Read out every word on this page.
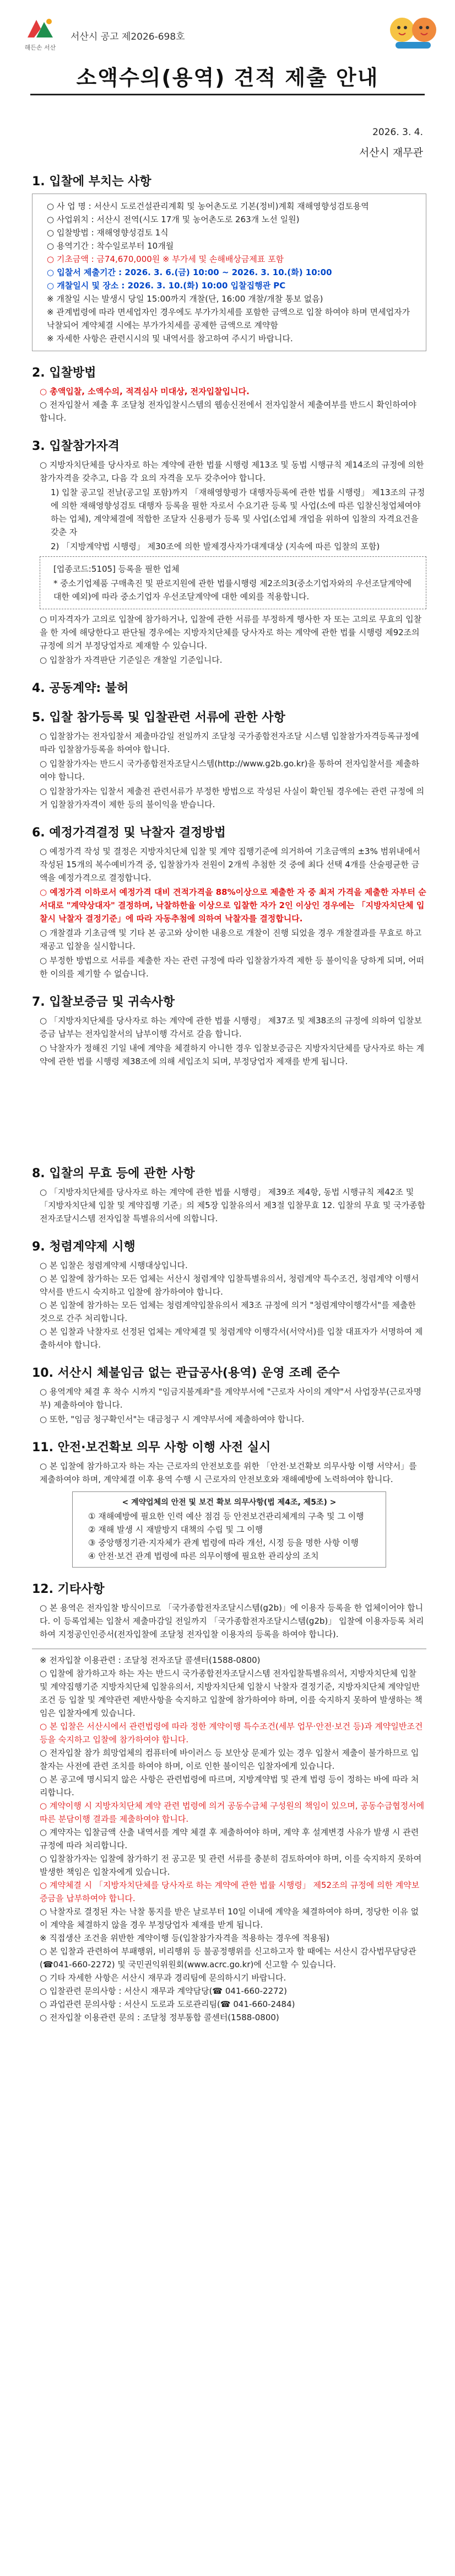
해든손 서산
서산시 공고 제2026-698호
소액수의(용역) 견적 제출 안내
2026. 3. 4.
서산시 재무관
1. 입찰에 부치는 사항
○ 사 업 명 : 서산시 도로건설관리계획 및 농어촌도로 기본(정비)계획 재해영향성검토용역
○ 사업위치 : 서산시 전역(시도 17개 및 농어촌도로 263개 노선 일원)
○ 입찰방법 : 재해영향성검토 1식
○ 용역기간 : 착수일로부터 10개월
○ 기초금액 : 금74,670,000원 ※ 부가세 및 손해배상금제표 포함
○ 입찰서 제출기간 : 2026. 3. 6.(금) 10:00 ~ 2026. 3. 10.(화) 10:00
○ 개찰일시 및 장소 : 2026. 3. 10.(화) 10:00 입찰집행관 PC
※ 개찰일 시는 발생시 당일 15:00까지 개찰(단, 16:00 개찰/개찰 통보 없음)
※ 관계법령에 따라 면세업자인 경우에도 부가가치세를 포함한 금액으로 입찰 하여야 하며 면세업자가 낙찰되어 계약체결 시에는 부가가치세를 공제한 금액으로 계약함
※ 자세한 사항은 관련시시의 및 내역서를 참고하여 주시기 바랍니다.
2. 입찰방법
○ 총액입찰, 소액수의, 적격심사 미대상, 전자입찰입니다.
○ 전자입찰서 제출 후 조달청 전자입찰시스템의 웹송신전에서 전자입찰서 제출여부를 반드시 확인하여야 합니다.
3. 입찰참가자격
○ 지방자치단체를 당사자로 하는 계약에 관한 법률 시행령 제13조 및 동법 시행규칙 제14조의 규정에 의한 참가자격을 갖추고, 다음 각 요의 자격을 모두 갖추어야 합니다.
1) 입찰 공고일 전날(공고일 포함)까지 「재해영향평가 대행자등록에 관한 법률 시행령」 제13조의 규정에 의한 재해영향성검토 대행자 등록을 필한 자로서 수요기관 등록 및 사업(소에 따른 입찰신청업체여야 하는 업체), 계약체결에 적합한 조달자 신용평가 등록 및 사업(소업체 개업을 위하여 입찰의 자격요건을 갖춘 자
2) 「지방계약법 시행령」 제30조에 의한 발제경사자가대계대상 (지속에 따른 입찰의 포함)
[업종코드:5105] 등록을 필한 업체
* 중소기업제품 구매촉진 및 판로지원에 관한 법률시행령 제2조의3(중소기업자와의 우선조달계약에 대한 예외)에 따라 중소기업자 우선조달계약에 대한 예외를 적용합니다.
○ 미자격자가 고의로 입찰에 참가하거나, 입찰에 관한 서류를 부정하게 행사한 자 또는 고의로 무효의 입찰을 한 자에 해당한다고 판단될 경우에는 지방자치단체를 당사자로 하는 계약에 관한 법률 시행령 제92조의 규정에 의거 부정당업자로 제재할 수 있습니다.
○ 입찰참가 자격판단 기준일은 개찰일 기준입니다.
4. 공동계약: 불허
5. 입찰 참가등록 및 입찰관련 서류에 관한 사항
○ 입찰참가는 전자입찰서 제출마감일 전일까지 조달청 국가종합전자조달 시스템 입찰참가자격등록규정에 따라 입찰참가등록을 하여야 합니다.
○ 입찰참가자는 반드시 국가종합전자조달시스템(http://www.g2b.go.kr)을 통하여 전자입찰서를 제출하여야 합니다.
○ 입찰참가자는 입찰서 제출전 관련서류가 부정한 방법으로 작성된 사실이 확인될 경우에는 관련 규정에 의거 입찰참가자격이 제한 등의 불이익을 받습니다.
6. 예정가격결정 및 낙찰자 결정방법
○ 예정가격 작성 및 결정은 지방자치단체 입찰 및 계약 집행기준에 의거하여 기초금액의 ±3% 범위내에서 작성된 15개의 복수예비가격 중, 입찰참가자 전원이 2개씩 추첨한 것 중에 최다 선택 4개를 산술평균한 금액을 예정가격으로 결정합니다.
○ 예정가격 이하로서 예정가격 대비 견적가격을 88%이상으로 제출한 자 중 최저 가격을 제출한 자부터 순서대로 "계약상대자" 결정하며, 낙찰하한율 이상으로 입찰한 자가 2인 이상인 경우에는 「지방자치단체 입찰시 낙찰자 결정기준」에 따라 자동추첨에 의하여 낙찰자를 결정합니다.
○ 개찰결과 기초금액 및 기타 본 공고와 상이한 내용으로 개찰이 진행 되었을 경우 개찰결과를 무효로 하고 재공고 입찰을 실시합니다.
○ 부정한 방법으로 서류를 제출한 자는 관련 규정에 따라 입찰참가자격 제한 등 불이익을 당하게 되며, 어떠한 이의를 제기할 수 없습니다.
7. 입찰보증금 및 귀속사항
○ 「지방자치단체를 당사자로 하는 계약에 관한 법률 시행령」 제37조 및 제38조의 규정에 의하여 입찰보증금 납부는 전자입찰서의 납부이행 각서로 갈음 합니다.
○ 낙찰자가 정해진 기일 내에 계약을 체결하지 아니한 경우 입찰보증금은 지방자치단체를 당사자로 하는 계약에 관한 법률 시행령 제38조에 의해 세입조치 되며, 부정당업자 제재를 받게 됩니다.
8. 입찰의 무효 등에 관한 사항
○ 「지방자치단체를 당사자로 하는 계약에 관한 법률 시행령」 제39조 제4항, 동법 시행규칙 제42조 및 「지방자치단체 입찰 및 계약집행 기준」의 제5장 입찰유의서 제3절 입찰무효 12. 입찰의 무효 및 국가종합전자조달시스템 전자입찰 특별유의서에 의합니다.
9. 청렴계약제 시행
○ 본 입찰은 청렴계약제 시행대상입니다.
○ 본 입찰에 참가하는 모든 업체는 서산시 청렴계약 입찰특별유의서, 청렴계약 특수조건, 청렴계약 이행서약서를 반드시 숙지하고 입찰에 참가하여야 합니다.
○ 본 입찰에 참가하는 모든 업체는 청렴계약입찰유의서 제3조 규정에 의거 "청렴계약이행각서"를 제출한 것으로 간주 처리합니다.
○ 본 입찰과 낙찰자로 선정된 업체는 계약체결 및 청렴계약 이행각서(서약서)를 입찰 대표자가 서명하여 제출하셔야 합니다.
10. 서산시 체불임금 없는 관급공사(용역) 운영 조례 준수
○ 용역계약 체결 후 착수 시까지 "임금지불계좌"를 계약부서에 "근로자 사이의 계약"서 사업장부(근로자명부) 제출하여야 합니다.
○ 또한, "임금 청구확인서"는 대금청구 시 계약부서에 제출하여야 합니다.
11. 안전·보건확보 의무 사항 이행 사전 실시
○ 본 입찰에 참가하고자 하는 자는 근로자의 안전보호를 위한 「안전·보건확보 의무사항 이행 서약서」를 제출하여야 하며, 계약체결 이후 용역 수행 시 근로자의 안전보호와 재해예방에 노력하여야 합니다.
< 계약업체의 안전 및 보건 확보 의무사항(법 제4조, 제5조) >
① 재해예방에 필요한 인력 예산 점검 등 안전보건관리체계의 구축 및 그 이행
② 재해 발생 시 재발방지 대책의 수립 및 그 이행
③ 중앙행정기관·지자체가 관계 법령에 따라 개선, 시정 등을 명한 사항 이행
④ 안전·보건 관계 법령에 따른 의무이행에 필요한 관리상의 조치
12. 기타사항
○ 본 용역은 전자입찰 방식이므로 「국가종합전자조달시스템(g2b)」에 이용자 등록을 한 업체이어야 합니다. 이 등록업체는 입찰서 제출마감일 전일까지 「국가종합전자조달시스템(g2b)」 입찰에 이용자등록 처리하여 지정공인인증서(전자입찰에 조달청 전자입찰 이용자의 등록을 하여야 합니다).
※ 전자입찰 이용관련 : 조달청 전자조달 콜센터(1588-0800)
○ 입찰에 참가하고자 하는 자는 반드시 국가종합전자조달시스템 전자입찰특별유의서, 지방자치단체 입찰 및 계약집행기준 지방자치단체 입찰유의서, 지방자치단체 입찰시 낙찰자 결정기준, 지방자치단체 계약일반조건 등 입찰 및 계약관련 제반사항을 숙지하고 입찰에 참가하여야 하며, 이를 숙지하지 못하여 발생하는 책임은 입찰자에게 있습니다.
○ 본 입찰은 서산시에서 관련법령에 따라 정한 계약이행 특수조건(세부 업무·안전·보건 등)과 계약일반조건 등을 숙지하고 입찰에 참가하여야 합니다.
○ 전자입찰 참가 희망업체의 컴퓨터에 바이러스 등 보안상 문제가 있는 경우 입찰서 제출이 불가하므로 입찰자는 사전에 관련 조치를 하여야 하며, 이로 인한 불이익은 입찰자에게 있습니다.
○ 본 공고에 명시되지 않은 사항은 관련법령에 따르며, 지방계약법 및 관계 법령 등이 정하는 바에 따라 처리합니다.
○ 계약이행 시 지방자치단체 계약 관련 법령에 의거 공동수급체 구성원의 책임이 있으며, 공동수급협정서에 따른 분담이행 결과를 제출하여야 합니다.
○ 계약자는 입찰금액 산출 내역서를 계약 체결 후 제출하여야 하며, 계약 후 설계변경 사유가 발생 시 관련 규정에 따라 처리합니다.
○ 입찰참가자는 입찰에 참가하기 전 공고문 및 관련 서류를 충분히 검토하여야 하며, 이를 숙지하지 못하여 발생한 책임은 입찰자에게 있습니다.
○ 계약체결 시 「지방자치단체를 당사자로 하는 계약에 관한 법률 시행령」 제52조의 규정에 의한 계약보증금을 납부하여야 합니다.
○ 낙찰자로 결정된 자는 낙찰 통지를 받은 날로부터 10일 이내에 계약을 체결하여야 하며, 정당한 이유 없이 계약을 체결하지 않을 경우 부정당업자 제재를 받게 됩니다.
※ 직접생산 조건을 위반한 계약이행 등(입찰참가자격을 적용하는 경우에 적용됨)
○ 본 입찰과 관련하여 부패행위, 비리행위 등 불공정행위를 신고하고자 할 때에는 서산시 감사법무담당관(☎041-660-2272) 및 국민권익위원회(www.acrc.go.kr)에 신고할 수 있습니다.
○ 기타 자세한 사항은 서산시 재무과 경리팀에 문의하시기 바랍니다.
○ 입찰관련 문의사항 : 서산시 재무과 계약담당(☎ 041-660-2272)
○ 과업관련 문의사항 : 서산시 도로과 도로관리팀(☎ 041-660-2484)
○ 전자입찰 이용관련 문의 : 조달청 정부통합 콜센터(1588-0800)
